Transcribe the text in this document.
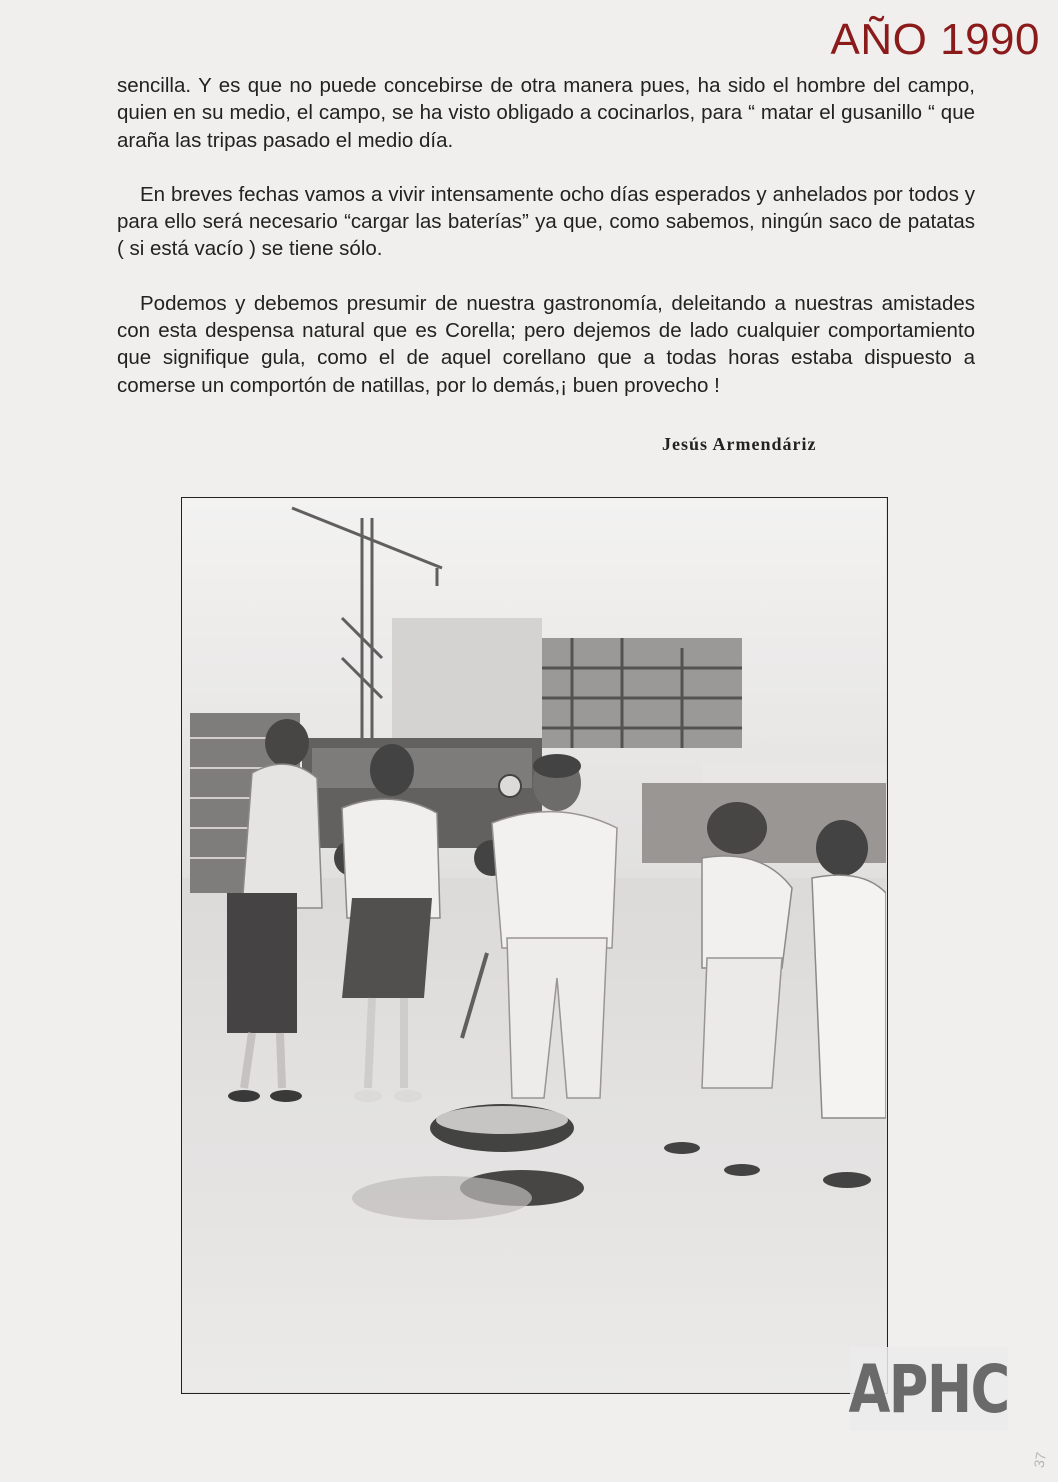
AÑO 1990

sencilla. Y es que no puede concebirse de otra manera pues, ha sido el hombre del campo, quien en su medio, el campo, se ha visto obligado a cocinarlos, para “ matar el gusanillo “ que araña las tripas pasado el medio día.

En breves fechas vamos a vivir intensamente ocho días esperados y anhelados por todos y para ello será necesario “cargar las baterías” ya que, como sabemos, ningún saco de patatas ( si está vacío ) se tiene sólo.

Podemos y debemos presumir de nuestra gastronomía, deleitando a nuestras amistades con esta despensa natural que es Corella; pero dejemos de lado cualquier comportamiento que signifique gula, como el de aquel corellano que a todas horas estaba dispuesto a comerse un comportón de natillas, por lo demás,¡ buen provecho !

Jesús Armendáriz
APHC
37
